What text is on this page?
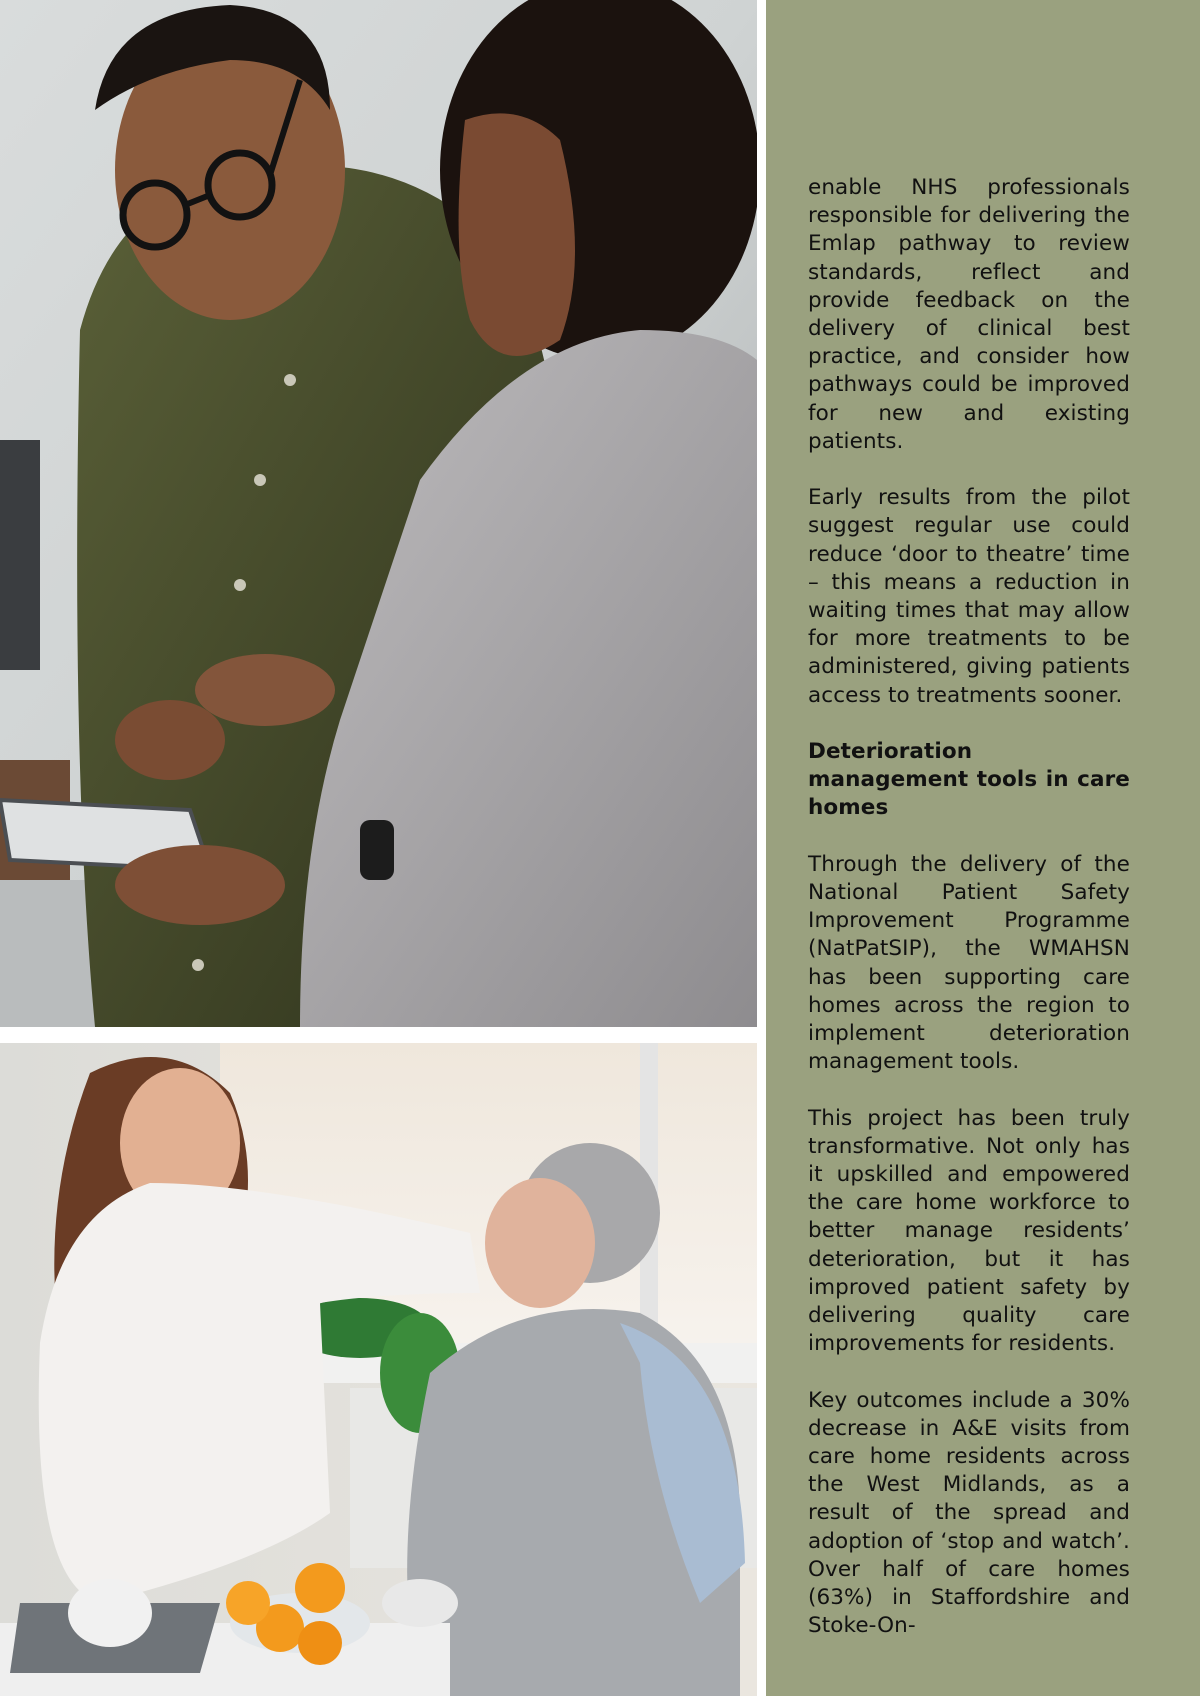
enable NHS professionals responsible for delivering the Emlap pathway to review standards, reflect and provide feedback on the delivery of clinical best practice, and consider how pathways could be improved for new and existing patients.

Early results from the pilot suggest regular use could reduce ‘door to theatre’ time – this means a reduction in waiting times that may allow for more treatments to be administered, giving patients access to treatments sooner.

Deterioration management tools in care homes

Through the delivery of the National Patient Safety Improvement Programme (NatPatSIP), the WMAHSN has been supporting care homes across the region to implement deterioration management tools.

This project has been truly transformative. Not only has it upskilled and empowered the care home workforce to better manage residents’ deterioration, but it has improved patient safety by delivering quality care improvements for residents.

Key outcomes include a 30% decrease in A&E visits from care home residents across the West Midlands, as a result of the spread and adoption of ‘stop and watch’. Over half of care homes (63%) in Staffordshire and Stoke-On-
